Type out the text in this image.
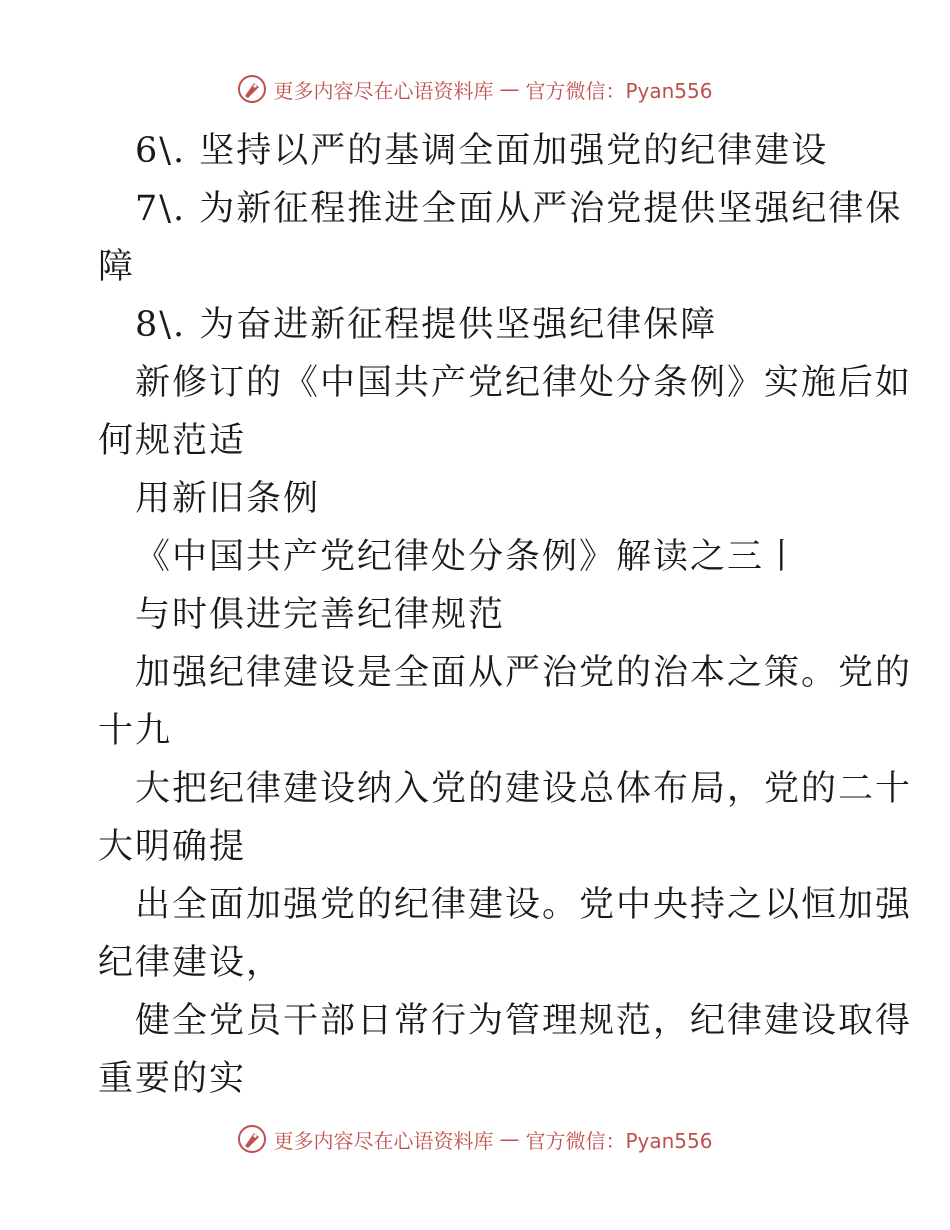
更多内容尽在心语资料库 — 官方微信：Pyan556
6\. 坚持以严的基调全面加强党的纪律建设
7\. 为新征程推进全面从严治党提供坚强纪律保
障
8\. 为奋进新征程提供坚强纪律保障
新修订的《中国共产党纪律处分条例》实施后如
何规范适
用新旧条例
《中国共产党纪律处分条例》解读之三丨
与时俱进完善纪律规范
加强纪律建设是全面从严治党的治本之策。党的
十九
大把纪律建设纳入党的建设总体布局，党的二十
大明确提
出全面加强党的纪律建设。党中央持之以恒加强
纪律建设，
健全党员干部日常行为管理规范，纪律建设取得
重要的实
更多内容尽在心语资料库 — 官方微信：Pyan556
